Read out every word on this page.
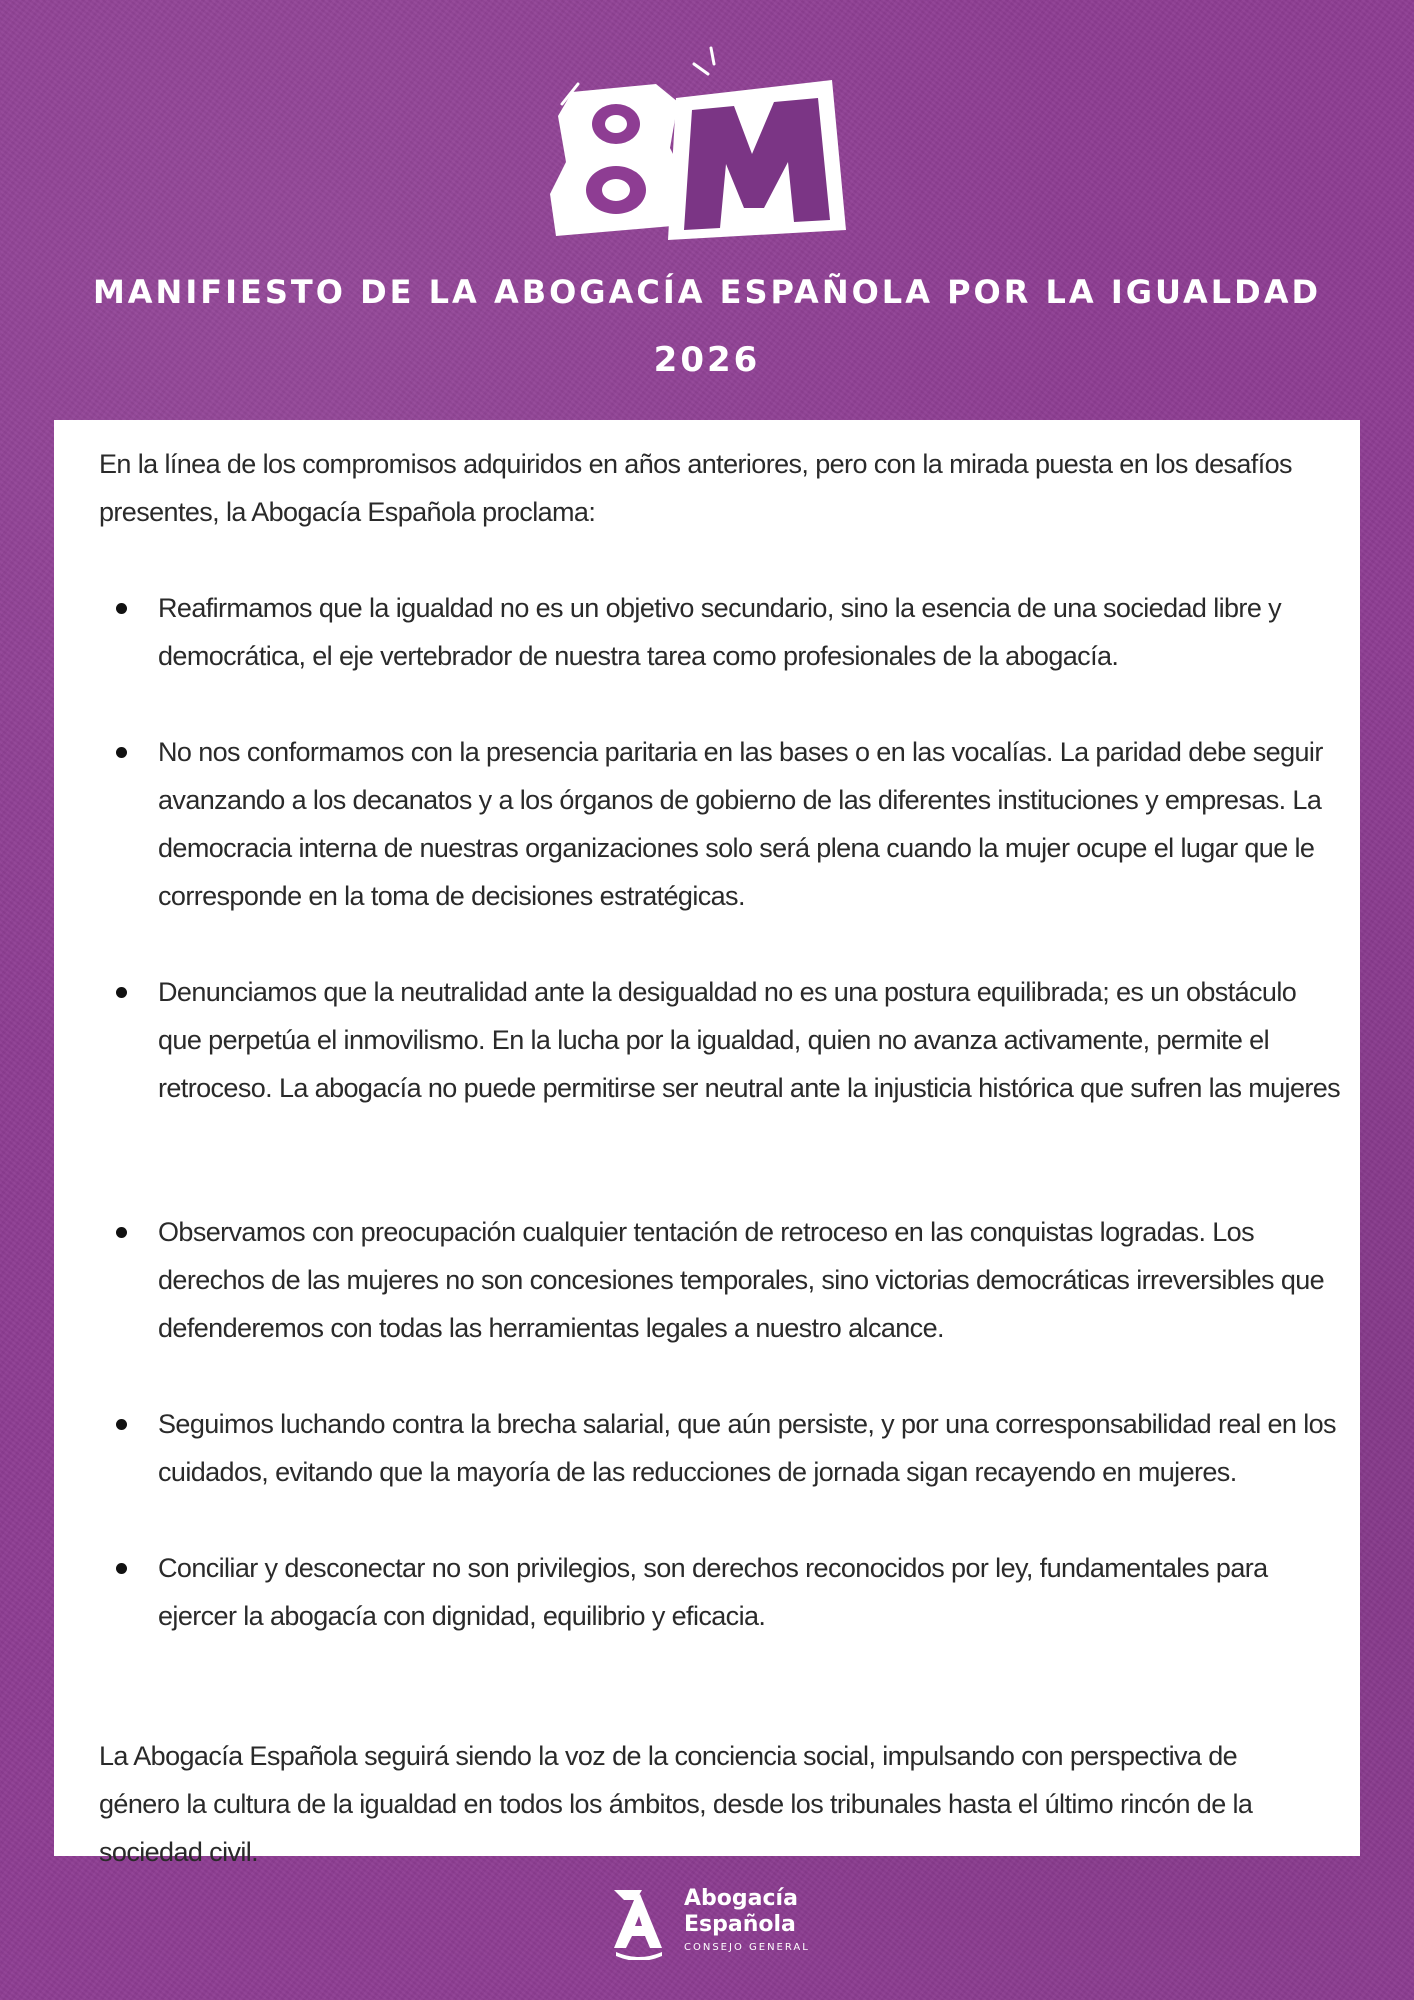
MANIFIESTO DE LA ABOGACÍA ESPAÑOLA POR LA IGUALDAD
2026

En la línea de los compromisos adquiridos en años anteriores, pero con la mirada puesta en los desafíos presentes, la Abogacía Española proclama:

Reafirmamos que la igualdad no es un objetivo secundario, sino la esencia de una sociedad libre y democrática, el eje vertebrador de nuestra tarea como profesionales de la abogacía.
No nos conformamos con la presencia paritaria en las bases o en las vocalías. La paridad debe seguir avanzando a los decanatos y a los órganos de gobierno de las diferentes instituciones y empresas. La democracia interna de nuestras organizaciones solo será plena cuando la mujer ocupe el lugar que le corresponde en la toma de decisiones estratégicas.
Denunciamos que la neutralidad ante la desigualdad no es una postura equilibrada; es un obstáculo que perpetúa el inmovilismo. En la lucha por la igualdad, quien no avanza activamente, permite el retroceso. La abogacía no puede permitirse ser neutral ante la injusticia histórica que sufren las mujeres
Observamos con preocupación cualquier tentación de retroceso en las conquistas logradas. Los derechos de las mujeres no son concesiones temporales, sino victorias democráticas irreversibles que defenderemos con todas las herramientas legales a nuestro alcance.
Seguimos luchando contra la brecha salarial, que aún persiste, y por una corresponsabilidad real en los cuidados, evitando que la mayoría de las reducciones de jornada sigan recayendo en mujeres.
Conciliar y desconectar no son privilegios, son derechos reconocidos por ley, fundamentales para ejercer la abogacía con dignidad, equilibrio y eficacia.

La Abogacía Española seguirá siendo la voz de la conciencia social, impulsando con perspectiva de género la cultura de la igualdad en todos los ámbitos, desde los tribunales hasta el último rincón de la sociedad civil.

Abogacía
Española
CONSEJO GENERAL
